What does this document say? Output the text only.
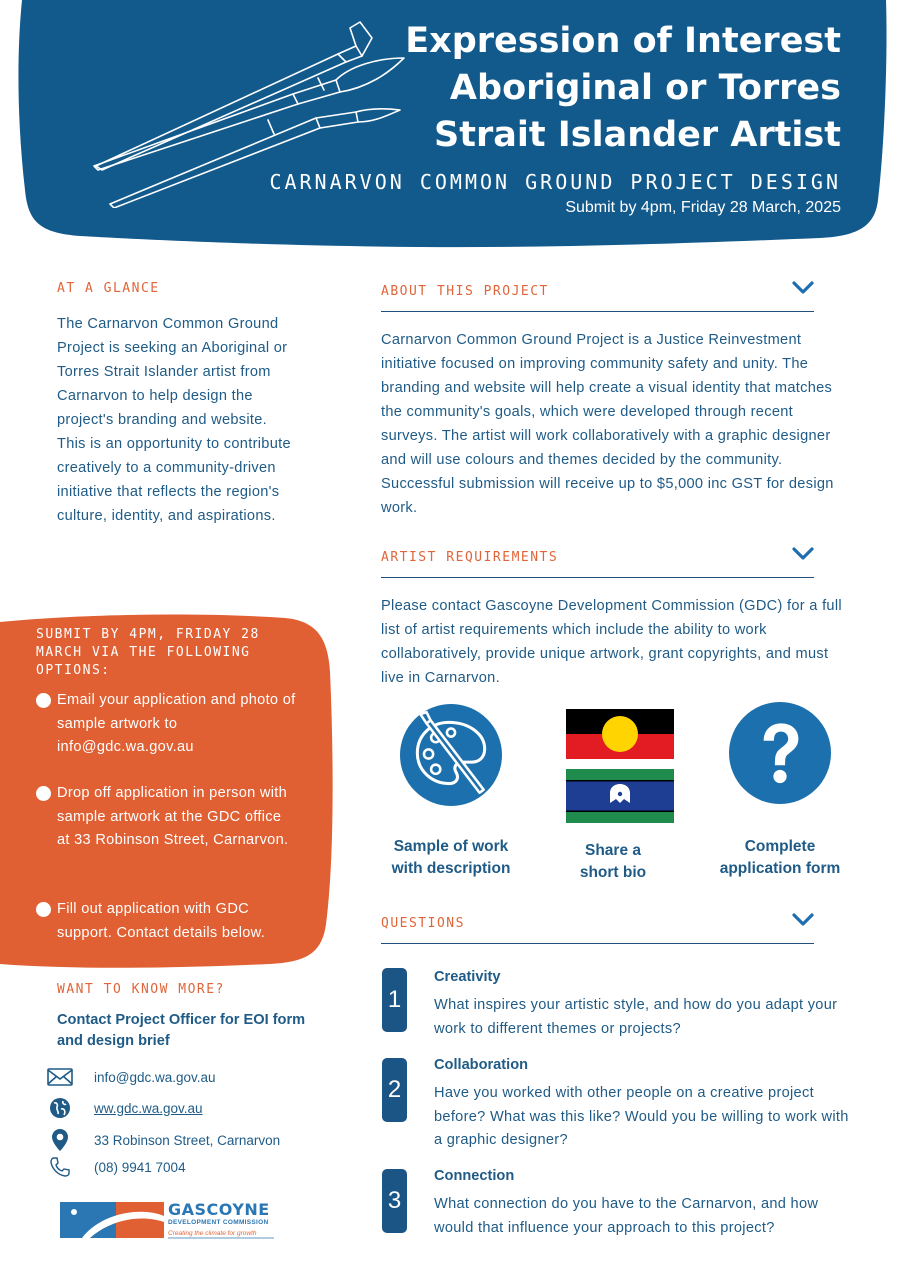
Expression of Interest
Aboriginal or Torres
Strait Islander Artist
CARNARVON COMMON GROUND PROJECT DESIGN
Submit by 4pm, Friday 28 March, 2025
AT A GLANCE
The Carnarvon Common Ground Project is seeking an Aboriginal or Torres Strait Islander artist from Carnarvon to help design the project's branding and website. This is an opportunity to contribute creatively to a community-driven initiative that reflects the region's culture, identity, and aspirations.
SUBMIT BY 4PM, FRIDAY 28 MARCH VIA THE FOLLOWING OPTIONS:
Email your application and photo of sample artwork to info@gdc.wa.gov.au
Drop off application in person with sample artwork at the GDC office at 33 Robinson Street, Carnarvon.
Fill out application with GDC support. Contact details below.
WANT TO KNOW MORE?
Contact Project Officer for EOI form and design brief
info@gdc.wa.gov.au
ww.gdc.wa.gov.au
33 Robinson Street, Carnarvon
(08) 9941 7004
GASCOYNE
DEVELOPMENT COMMISSION
Creating the climate for growth
ABOUT THIS PROJECT
Carnarvon Common Ground Project is a Justice Reinvestment initiative focused on improving community safety and unity. The branding and website will help create a visual identity that matches the community's goals, which were developed through recent surveys. The artist will work collaboratively with a graphic designer and will use colours and themes decided by the community. Successful submission will receive up to $5,000 inc GST for design work.
ARTIST REQUIREMENTS
Please contact Gascoyne Development Commission (GDC) for a full list of artist requirements which include the ability to work collaboratively, provide unique artwork, grant copyrights, and must live in Carnarvon.
Sample of work
with description
Share a
short bio
Complete
application form
QUESTIONS
1
Creativity
What inspires your artistic style, and how do you adapt your work to different themes or projects?
2
Collaboration
Have you worked with other people on a creative project before? What was this like? Would you be willing to work with a graphic designer?
3
Connection
What connection do you have to the Carnarvon, and how would that influence your approach to this project?
